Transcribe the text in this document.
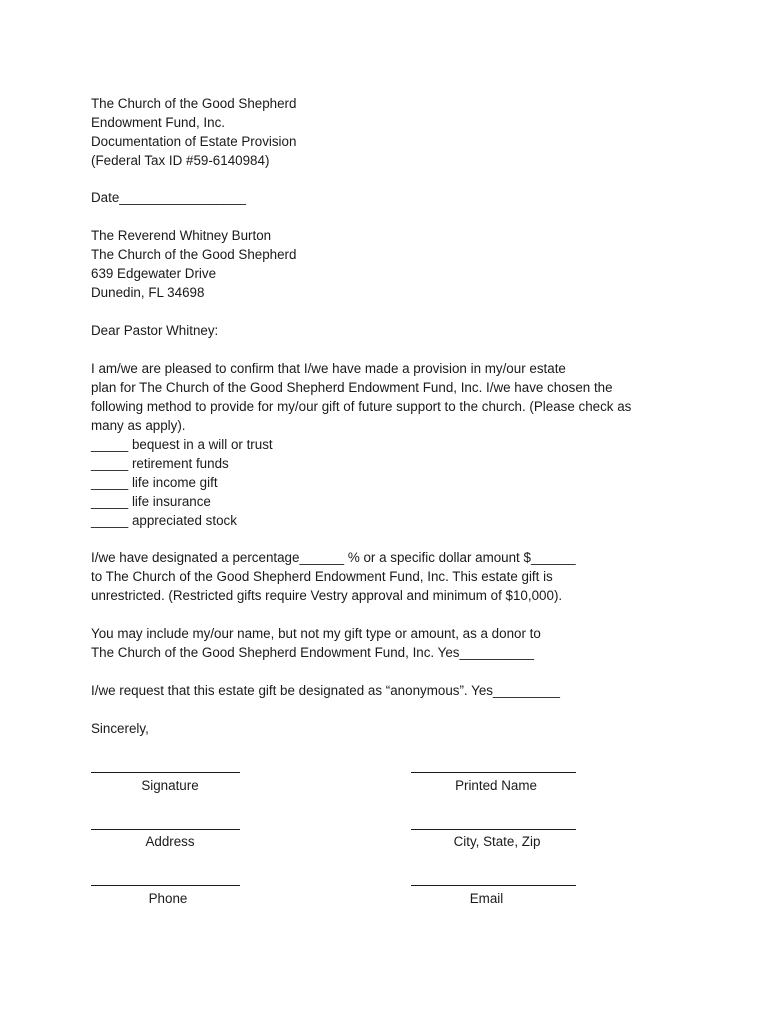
The Church of the Good Shepherd
Endowment Fund, Inc.
Documentation of Estate Provision
(Federal Tax ID #59-6140984)
Date_________________
The Reverend Whitney Burton
The Church of the Good Shepherd
639 Edgewater Drive
Dunedin, FL 34698
Dear Pastor Whitney:
I am/we are pleased to confirm that I/we have made a provision in my/our estate
plan for The Church of the Good Shepherd Endowment Fund, Inc. I/we have chosen the
following method to provide for my/our gift of future support to the church. (Please check as
many as apply).
_____ bequest in a will or trust
_____ retirement funds
_____ life income gift
_____ life insurance
_____ appreciated stock
I/we have designated a percentage______ % or a specific dollar amount $______
to The Church of the Good Shepherd Endowment Fund, Inc. This estate gift is
unrestricted. (Restricted gifts require Vestry approval and minimum of $10,000).
You may include my/our name, but not my gift type or amount, as a donor to
The Church of the Good Shepherd Endowment Fund, Inc. Yes__________
I/we request that this estate gift be designated as “anonymous”. Yes_________
Sincerely,
Signature	Printed Name
Address	City, State, Zip
Phone	Email
